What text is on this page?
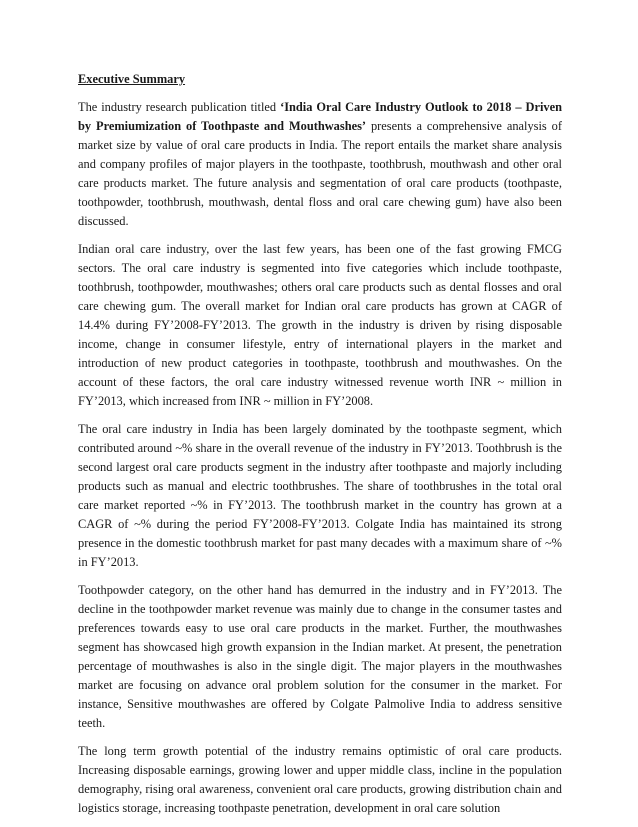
Executive Summary

The industry research publication titled ‘India Oral Care Industry Outlook to 2018 – Driven by Premiumization of Toothpaste and Mouthwashes’ presents a comprehensive analysis of market size by value of oral care products in India. The report entails the market share analysis and company profiles of major players in the toothpaste, toothbrush, mouthwash and other oral care products market. The future analysis and segmentation of oral care products (toothpaste, toothpowder, toothbrush, mouthwash, dental floss and oral care chewing gum) have also been discussed.

Indian oral care industry, over the last few years, has been one of the fast growing FMCG sectors. The oral care industry is segmented into five categories which include toothpaste, toothbrush, toothpowder, mouthwashes; others oral care products such as dental flosses and oral care chewing gum. The overall market for Indian oral care products has grown at CAGR of 14.4% during FY’2008-FY’2013. The growth in the industry is driven by rising disposable income, change in consumer lifestyle, entry of international players in the market and introduction of new product categories in toothpaste, toothbrush and mouthwashes. On the account of these factors, the oral care industry witnessed revenue worth INR ~ million in FY’2013, which increased from INR ~ million in FY’2008.

The oral care industry in India has been largely dominated by the toothpaste segment, which contributed around ~% share in the overall revenue of the industry in FY’2013. Toothbrush is the second largest oral care products segment in the industry after toothpaste and majorly including products such as manual and electric toothbrushes. The share of toothbrushes in the total oral care market reported ~% in FY’2013. The toothbrush market in the country has grown at a CAGR of ~% during the period FY’2008-FY’2013. Colgate India has maintained its strong presence in the domestic toothbrush market for past many decades with a maximum share of ~% in FY’2013.

Toothpowder category, on the other hand has demurred in the industry and in FY’2013. The decline in the toothpowder market revenue was mainly due to change in the consumer tastes and preferences towards easy to use oral care products in the market. Further, the mouthwashes segment has showcased high growth expansion in the Indian market. At present, the penetration percentage of mouthwashes is also in the single digit. The major players in the mouthwashes market are focusing on advance oral problem solution for the consumer in the market. For instance, Sensitive mouthwashes are offered by Colgate Palmolive India to address sensitive teeth.

The long term growth potential of the industry remains optimistic of oral care products. Increasing disposable earnings, growing lower and upper middle class, incline in the population demography, rising oral awareness, convenient oral care products, growing distribution chain and logistics storage, increasing toothpaste penetration, development in oral care solution
